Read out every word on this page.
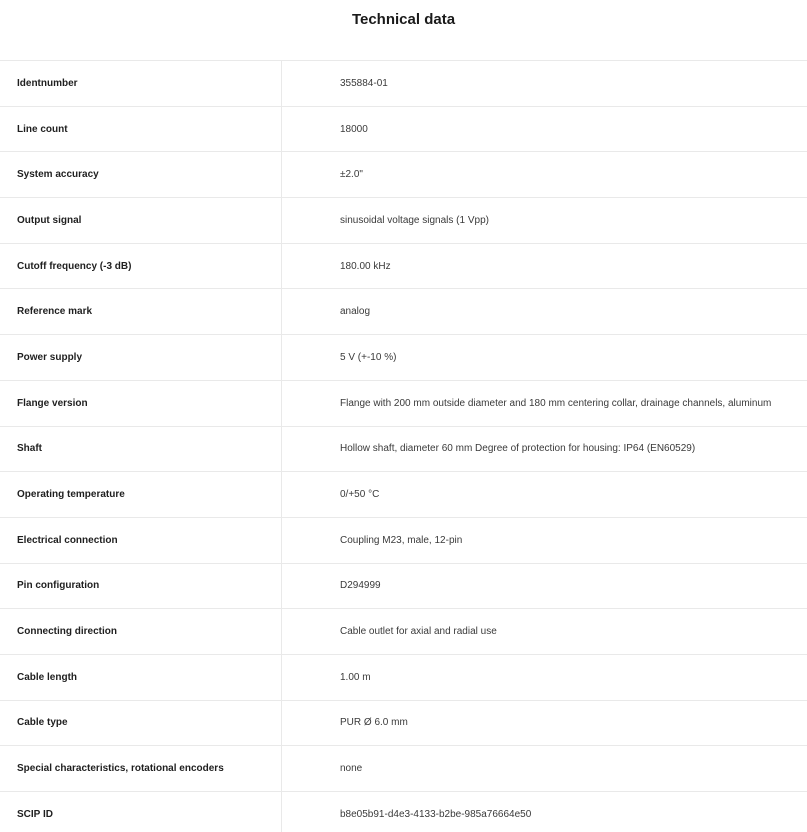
Technical data
Identnumber	355884-01
Line count	18000
System accuracy	±2.0"
Output signal	sinusoidal voltage signals (1 Vpp)
Cutoff frequency (-3 dB)	180.00 kHz
Reference mark	analog
Power supply	5 V (+-10 %)
Flange version	Flange with 200 mm outside diameter and 180 mm centering collar, drainage channels, aluminum
Shaft	Hollow shaft, diameter 60 mm Degree of protection for housing: IP64 (EN60529)
Operating temperature	0/+50 °C
Electrical connection	Coupling M23, male, 12-pin
Pin configuration	D294999
Connecting direction	Cable outlet for axial and radial use
Cable length	1.00 m
Cable type	PUR Ø 6.0 mm
Special characteristics, rotational encoders	none
SCIP ID	b8e05b91-d4e3-4133-b2be-985a76664e50
